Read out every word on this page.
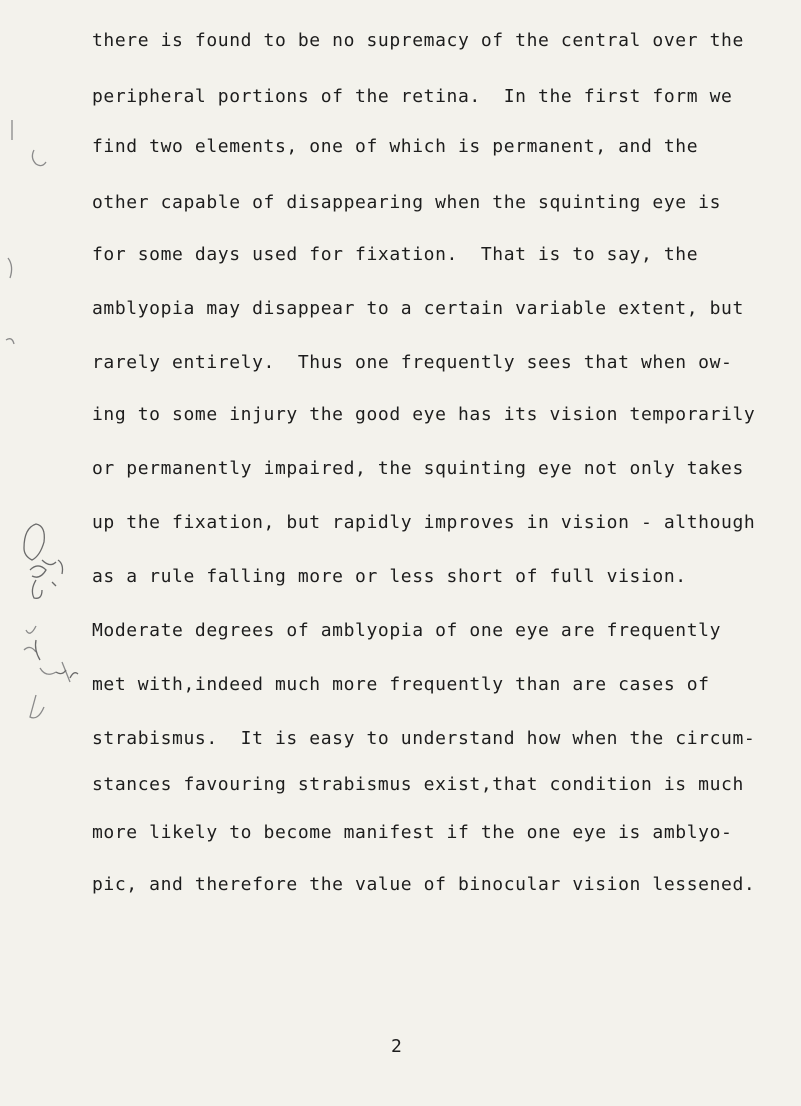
there is found to be no supremacy of the central over the
peripheral portions of the retina.  In the first form we
find two elements, one of which is permanent, and the
other capable of disappearing when the squinting eye is
for some days used for fixation.  That is to say, the
amblyopia may disappear to a certain variable extent, but
rarely entirely.  Thus one frequently sees that when ow-
ing to some injury the good eye has its vision temporarily
or permanently impaired, the squinting eye not only takes
up the fixation, but rapidly improves in vision - although
as a rule falling more or less short of full vision.
Moderate degrees of amblyopia of one eye are frequently
met with,indeed much more frequently than are cases of
strabismus.  It is easy to understand how when the circum-
stances favouring strabismus exist,that condition is much
more likely to become manifest if the one eye is amblyo-
pic, and therefore the value of binocular vision lessened.
2
